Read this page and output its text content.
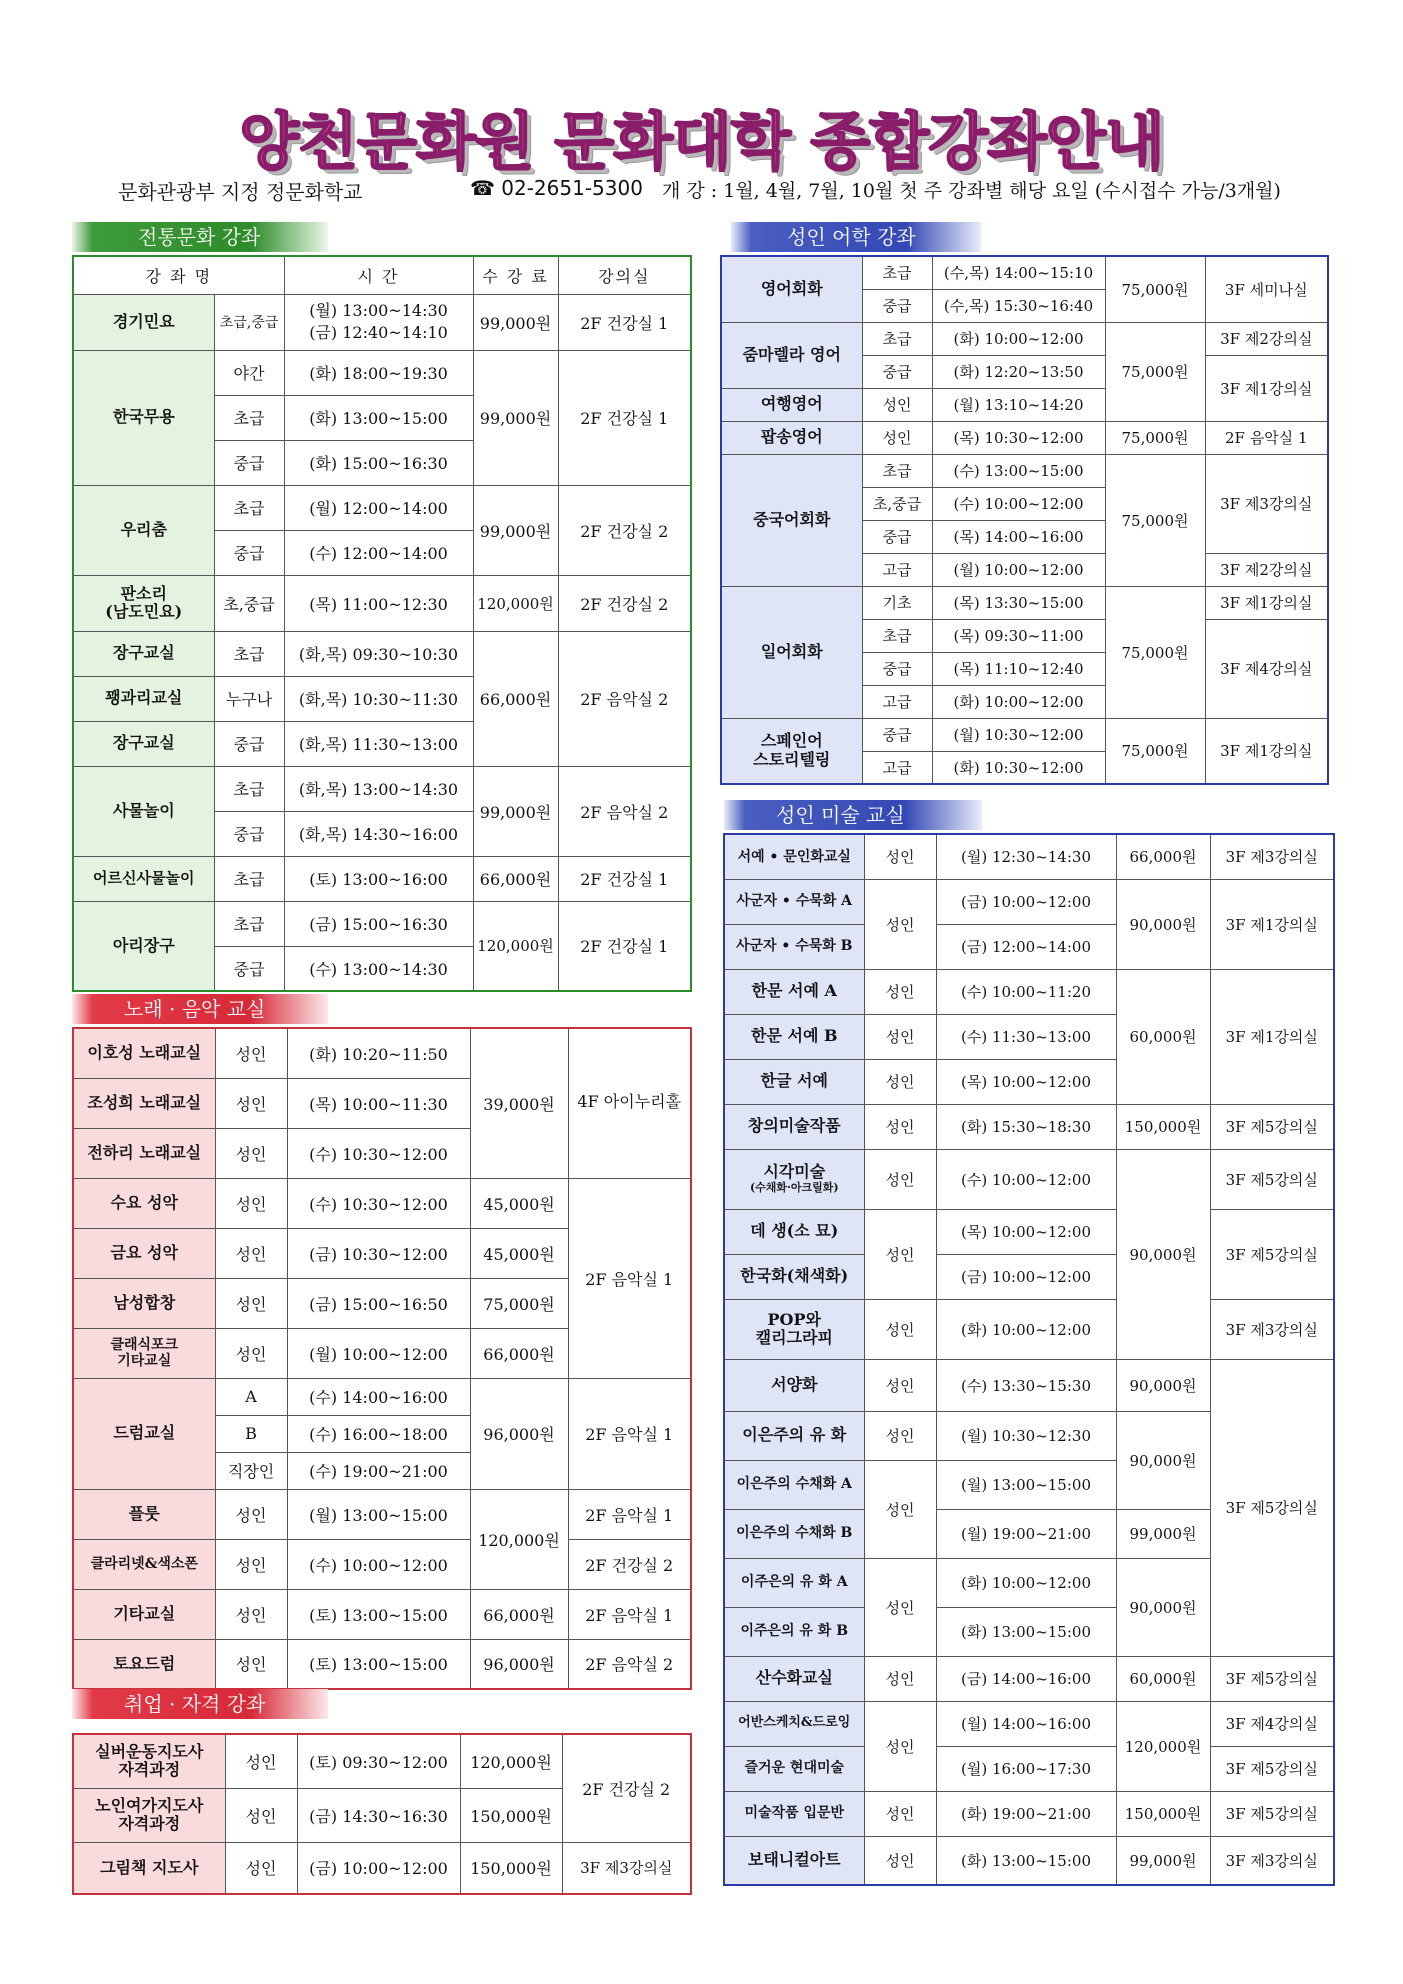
양천문화원 문화대학 종합강좌안내
문화관광부 지정 정문화학교	☎ 02-2651-5300 개 강 : 1월, 4월, 7월, 10월 첫 주 강좌별 해당 요일 (수시접수 가능/3개월)
전통문화 강좌
강 좌 명		시 간	수 강 료	강의실
경기민요	초급,중급	(월) 13:00~14:30
(금) 12:40~14:10	99,000원	2F 건강실 1
한국무용	야간	(화) 18:00~19:30	99,000원	2F 건강실 1
	초급	(화) 13:00~15:00		
	중급	(화) 15:00~16:30		
우리춤	초급	(월) 12:00~14:00	99,000원	2F 건강실 2
	중급	(수) 12:00~14:00		
판소리
(남도민요)	초,중급	(목) 11:00~12:30	120,000원	2F 건강실 2
장구교실	초급	(화,목) 09:30~10:30	66,000원	2F 음악실 2
꽹과리교실	누구나	(화,목) 10:30~11:30		
장구교실	중급	(화,목) 11:30~13:00		
사물놀이	초급	(화,목) 13:00~14:30	99,000원	2F 음악실 2
	중급	(화,목) 14:30~16:00		
어르신사물놀이	초급	(토) 13:00~16:00	66,000원	2F 건강실 1
아리장구	초급	(금) 15:00~16:30	120,000원	2F 건강실 1
	중급	(수) 13:00~14:30		
노래 · 음악 교실
이호성 노래교실	성인	(화) 10:20~11:50	39,000원	4F 아이누리홀
조성희 노래교실	성인	(목) 10:00~11:30		
전하리 노래교실	성인	(수) 10:30~12:00		
수요 성악	성인	(수) 10:30~12:00	45,000원	2F 음악실 1
금요 성악	성인	(금) 10:30~12:00	45,000원	
남성합창	성인	(금) 15:00~16:50	75,000원	
클래식포크
기타교실	성인	(월) 10:00~12:00	66,000원	
드럼교실	A	(수) 14:00~16:00	96,000원	2F 음악실 1
	B	(수) 16:00~18:00		
	직장인	(수) 19:00~21:00		
플룻	성인	(월) 13:00~15:00	120,000원	2F 음악실 1
클라리넷&색소폰	성인	(수) 10:00~12:00		2F 건강실 2
기타교실	성인	(토) 13:00~15:00	66,000원	2F 음악실 1
토요드럼	성인	(토) 13:00~15:00	96,000원	2F 음악실 2
취업 · 자격 강좌
실버운동지도사
자격과정	성인	(토) 09:30~12:00	120,000원	2F 건강실 2
노인여가지도사
자격과정	성인	(금) 14:30~16:30	150,000원	
그림책 지도사	성인	(금) 10:00~12:00	150,000원	3F 제3강의실
성인 어학 강좌
영어회화	초급	(수,목) 14:00~15:10	75,000원	3F 세미나실
	중급	(수,목) 15:30~16:40		
줌마렐라 영어	초급	(화) 10:00~12:00	75,000원	3F 제2강의실
	중급	(화) 12:20~13:50		3F 제1강의실
여행영어	성인	(월) 13:10~14:20		
팝송영어	성인	(목) 10:30~12:00	75,000원	2F 음악실 1
중국어회화	초급	(수) 13:00~15:00	75,000원	3F 제3강의실
	초,중급	(수) 10:00~12:00		
	중급	(목) 14:00~16:00		
	고급	(월) 10:00~12:00		3F 제2강의실
일어회화	기초	(목) 13:30~15:00	75,000원	3F 제1강의실
	초급	(목) 09:30~11:00		3F 제4강의실
	중급	(목) 11:10~12:40		
	고급	(화) 10:00~12:00		
스페인어
스토리텔링	중급	(월) 10:30~12:00	75,000원	3F 제1강의실
	고급	(화) 10:30~12:00		
성인 미술 교실
서예 • 문인화교실	성인	(월) 12:30~14:30	66,000원	3F 제3강의실
사군자 • 수묵화 A	성인	(금) 10:00~12:00	90,000원	3F 제1강의실
사군자 • 수묵화 B		(금) 12:00~14:00		
한문 서예 A	성인	(수) 10:00~11:20	60,000원	3F 제1강의실
한문 서예 B	성인	(수) 11:30~13:00		
한글 서예	성인	(목) 10:00~12:00		
창의미술작품	성인	(화) 15:30~18:30	150,000원	3F 제5강의실

시각미술
(수채화·아크릴화)	성인	(수) 10:00~12:00	90,000원	3F 제5강의실
데 생(소 묘)	성인	(목) 10:00~12:00		3F 제5강의실
한국화(채색화)		(금) 10:00~12:00		
POP와
캘리그라피	성인	(화) 10:00~12:00		3F 제3강의실
서양화	성인	(수) 13:30~15:30	90,000원	3F 제5강의실
이은주의 유 화	성인	(월) 10:30~12:30	90,000원	
이은주의 수채화 A	성인	(월) 13:00~15:00		
이은주의 수채화 B		(월) 19:00~21:00	99,000원	
이주은의 유 화 A	성인	(화) 10:00~12:00	90,000원	
이주은의 유 화 B		(화) 13:00~15:00		
산수화교실	성인	(금) 14:00~16:00	60,000원	3F 제5강의실
어반스케치&드로잉	성인	(월) 14:00~16:00	120,000원	3F 제4강의실
즐거운 현대미술		(월) 16:00~17:30		3F 제5강의실
미술작품 입문반	성인	(화) 19:00~21:00	150,000원	3F 제5강의실
보태니컬아트	성인	(화) 13:00~15:00	99,000원	3F 제3강의실
